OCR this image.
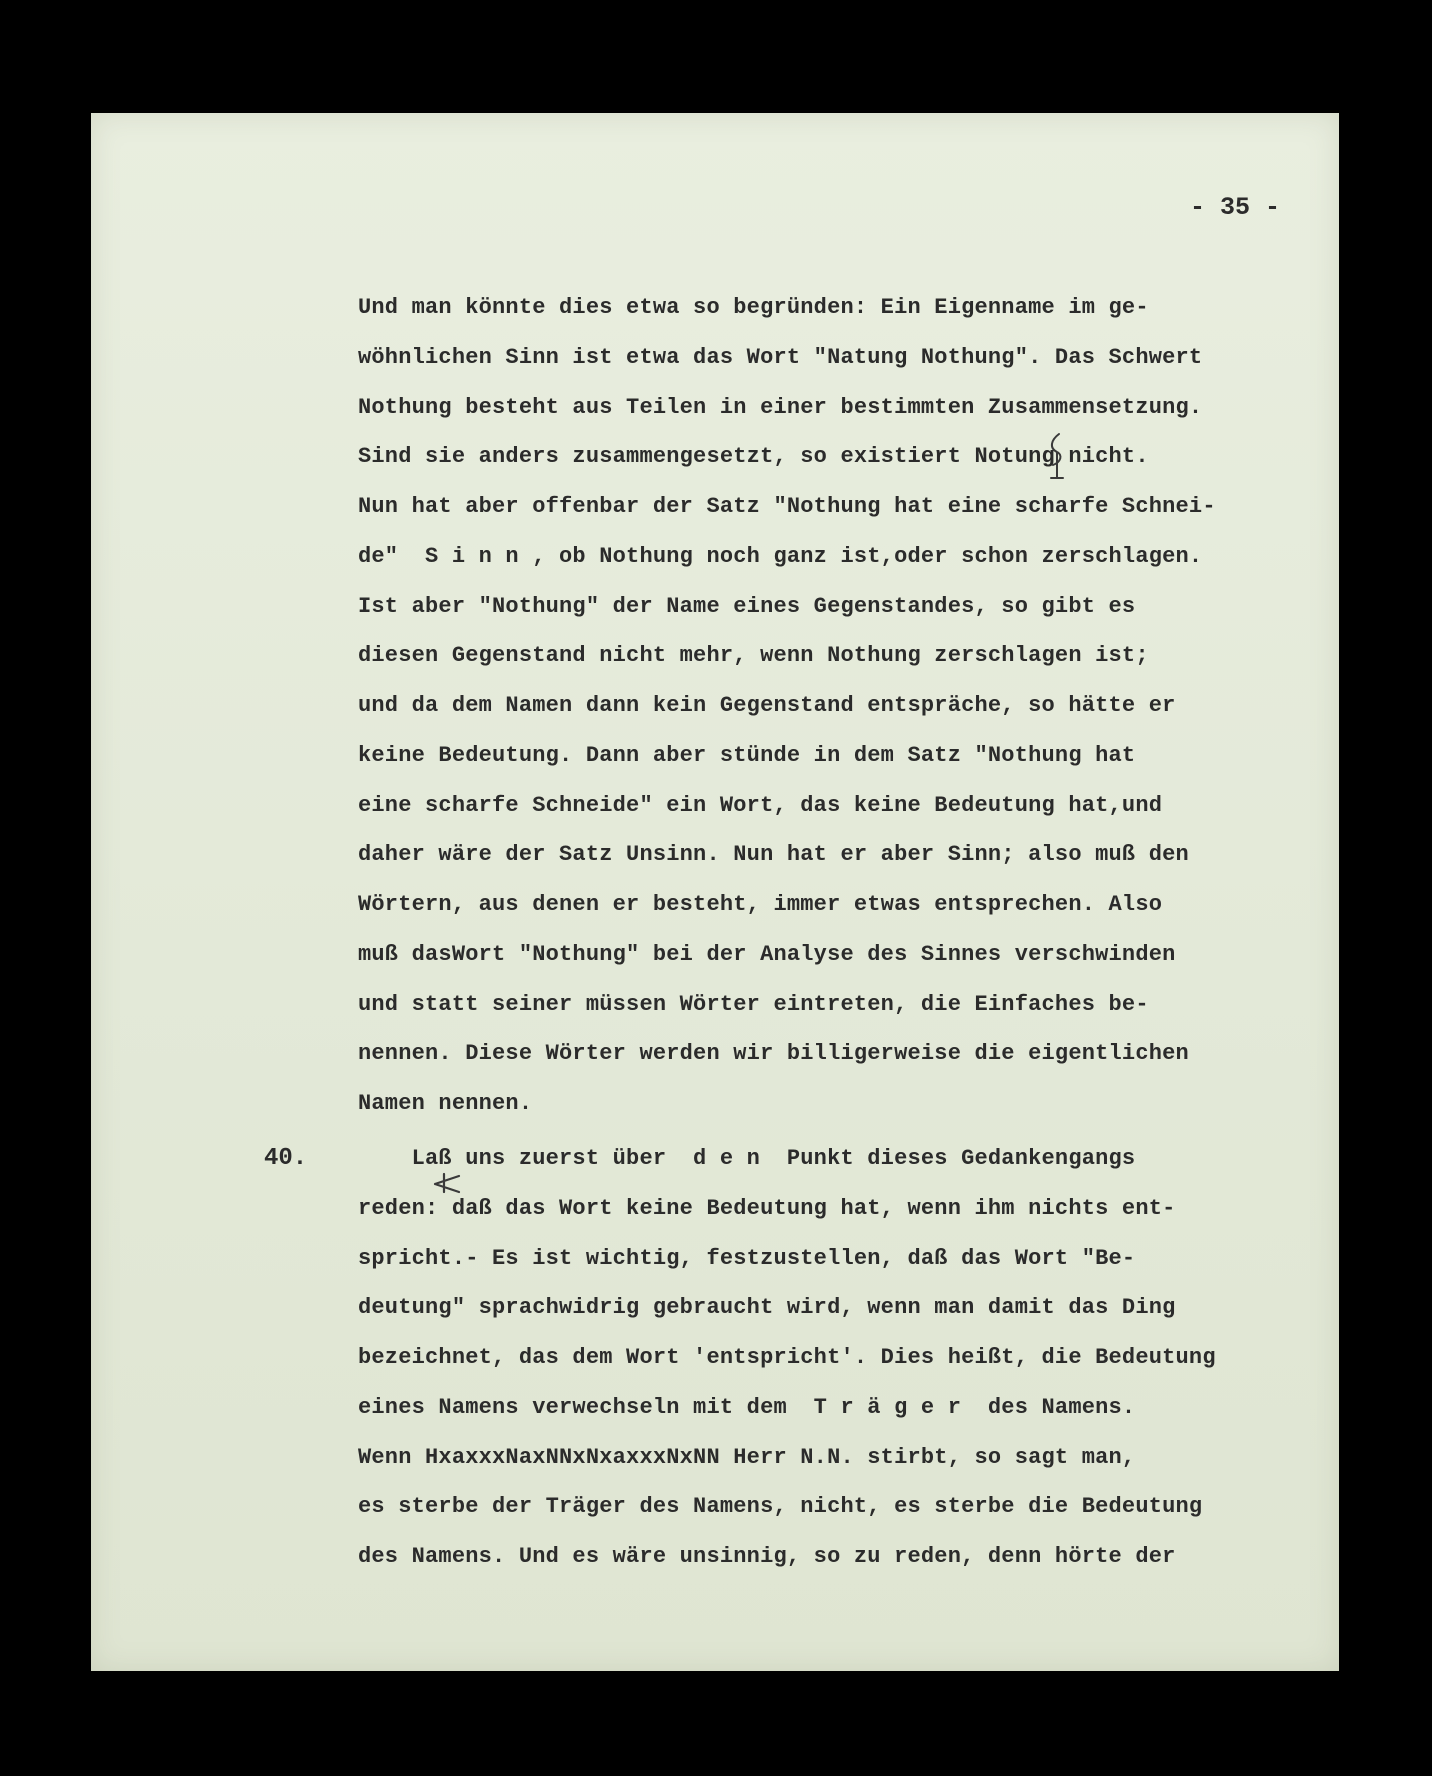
- 35 -
Und man könnte dies etwa so begründen: Ein Eigenname im ge-
wöhnlichen Sinn ist etwa das Wort "Natung Nothung". Das Schwert
Nothung besteht aus Teilen in einer bestimmten Zusammensetzung.
Sind sie anders zusammengesetzt, so existiert Notung nicht.
Nun hat aber offenbar der Satz "Nothung hat eine scharfe Schnei-
de"  S i n n , ob Nothung noch ganz ist,oder schon zerschlagen.
Ist aber "Nothung" der Name eines Gegenstandes, so gibt es
diesen Gegenstand nicht mehr, wenn Nothung zerschlagen ist;
und da dem Namen dann kein Gegenstand entspräche, so hätte er
keine Bedeutung. Dann aber stünde in dem Satz "Nothung hat
eine scharfe Schneide" ein Wort, das keine Bedeutung hat,und
daher wäre der Satz Unsinn. Nun hat er aber Sinn; also muß den
Wörtern, aus denen er besteht, immer etwas entsprechen. Also
muß dasWort "Nothung" bei der Analyse des Sinnes verschwinden
und statt seiner müssen Wörter eintreten, die Einfaches be-
nennen. Diese Wörter werden wir billigerweise die eigentlichen
Namen nennen.
40. Laß uns zuerst über  d e n  Punkt dieses Gedankengangs
reden: daß das Wort keine Bedeutung hat, wenn ihm nichts ent-
spricht.- Es ist wichtig, festzustellen, daß das Wort "Be-
deutung" sprachwidrig gebraucht wird, wenn man damit das Ding
bezeichnet, das dem Wort 'entspricht'. Dies heißt, die Bedeutung
eines Namens verwechseln mit dem  T r ä g e r  des Namens.
Wenn HxaxxxNaxNNxNxaxxxNxNN Herr N.N. stirbt, so sagt man,
es sterbe der Träger des Namens, nicht, es sterbe die Bedeutung
des Namens. Und es wäre unsinnig, so zu reden, denn hörte der
